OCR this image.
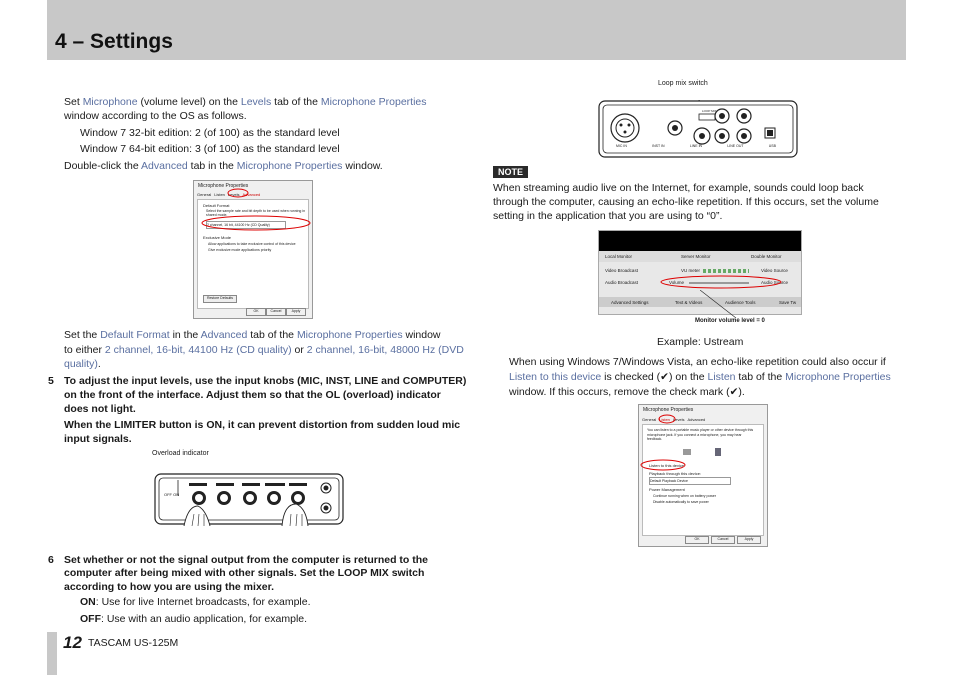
4 – Settings
Set Microphone (volume level) on the Levels tab of the Microphone Properties
window according to the OS as follows.
Window 7 32-bit edition: 2 (of 100) as the standard level
Window 7 64-bit edition: 3 (of 100) as the standard level
Double-click the Advanced tab in the Microphone Properties window.
Microphone Properties
General Listen Levels Advanced
Default Format
Select the sample rate and bit depth to be used when running in shared mode.
2 channel, 16 bit, 44100 Hz (CD Quality)
Exclusive Mode
Allow applications to take exclusive control of this device
Give exclusive mode applications priority
Restore Defaults
OK	Cancel	Apply
Set the Default Format in the Advanced tab of the Microphone Properties window
to either 2 channel, 16-bit, 44100 Hz (CD quality) or 2 channel, 16-bit, 48000 Hz (DVD
quality).
5 To adjust the input levels, use the input knobs (MIC, INST, LINE and COMPUTER)
on the front of the interface. Adjust them so that the OL (overload) indicator
does not light.
When the LIMITER button is ON, it can prevent distortion from sudden loud mic
input signals.
Overload indicator
OFF ON
6 Set whether or not the signal output from the computer is returned to the
computer after being mixed with other signals. Set the LOOP MIX switch
according to how you are using the mixer.
ON: Use for live Internet broadcasts, for example.
OFF: Use with an audio application, for example.
12 TASCAM US-125M
Loop mix switch
MIC IN	INST IN	LINE IN	LINE OUT	USB
LOOP MIX
NOTE
When streaming audio live on the Internet, for example, sounds could loop back
through the computer, causing an echo-like repetition. If this occurs, set the volume
setting in the application that you are using to “0”.
Local Monitor	Server Monitor	Double Monitor
Video Broadcast	VU meter	Video Source
Audio Broadcast	Volume	Audio Source
Advanced Settings	Text & Videos	Audience Tools	Save Tw
Monitor volume level = 0
Example: Ustream
When using Windows 7/Windows Vista, an echo-like repetition could also occur if
Listen to this device is checked (✔) on the Listen tab of the Microphone Properties
window. If this occurs, remove the check mark (✔).
Microphone Properties
General Listen Levels Advanced
You can listen to a portable music player or other device through this microphone jack. If you connect a microphone, you may hear feedback.
Listen to this device
Playback through this device:
Default Playback Device
Power Management
Continue running when on battery power
Disable automatically to save power
OK	Cancel	Apply
